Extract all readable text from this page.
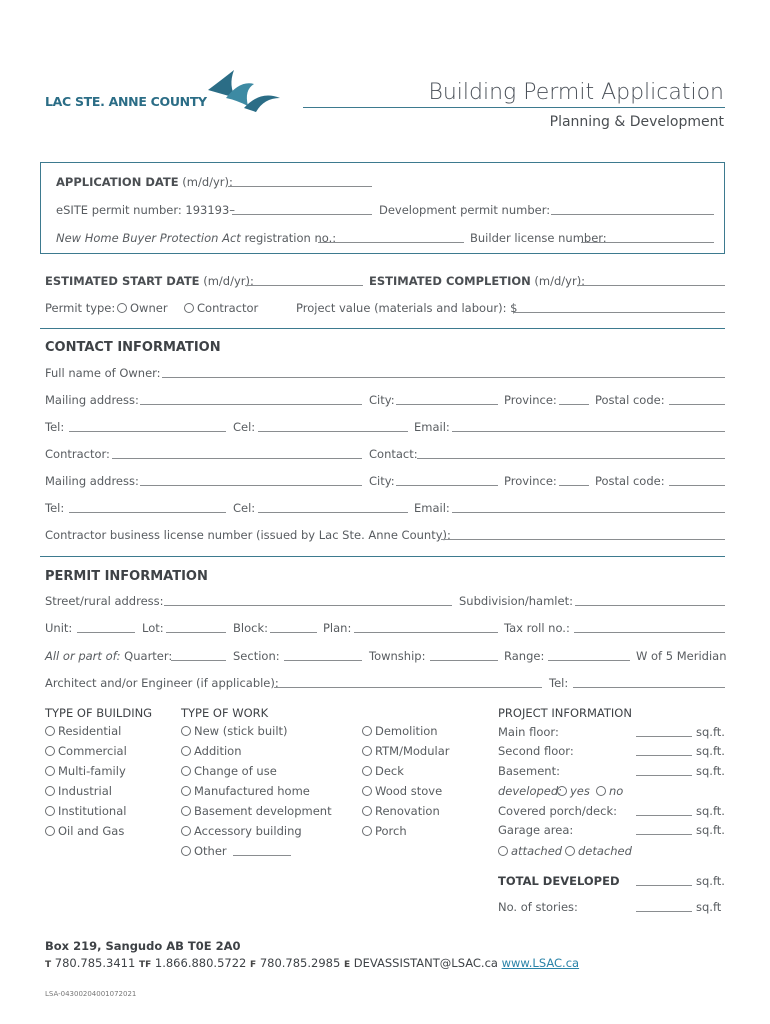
LAC STE. ANNE COUNTY	Building Permit Application
Planning & Development
APPLICATION DATE (m/d/yr):
eSITE permit number: 193193–	Development permit number:
New Home Buyer Protection Act registration no.:	Builder license number:
ESTIMATED START DATE (m/d/yr):	ESTIMATED COMPLETION (m/d/yr):
Permit type:	Owner	Contractor	Project value (materials and labour): $
CONTACT INFORMATION
Full name of Owner:
Mailing address:	City:	Province:	Postal code:
Tel:	Cel:	Email:
Contractor:	Contact:
Mailing address:	City:	Province:	Postal code:
Tel:	Cel:	Email:
Contractor business license number (issued by Lac Ste. Anne County):
PERMIT INFORMATION
Street/rural address:	Subdivision/hamlet:
Unit:	Lot:	Block:	Plan:	Tax roll no.:
All or part of: Quarter:	Section:	Township:	Range:	W of 5 Meridian
Architect and/or Engineer (if applicable):	Tel:
TYPE OF BUILDING
Residential
Commercial
Multi-family
Industrial
Institutional
Oil and Gas
TYPE OF WORK
New (stick built)
Addition
Change of use
Manufactured home
Basement development
Accessory building
Other
Demolition
RTM/Modular
Deck
Wood stove
Renovation
Porch
PROJECT INFORMATION
Main floor:	sq.ft.
Second floor:	sq.ft.
Basement:	sq.ft.
developed: yes	no
Covered porch/deck:	sq.ft.
Garage area:	sq.ft.
attached	detached
TOTAL DEVELOPED	sq.ft.
No. of stories:	sq.ft
Box 219, Sangudo AB T0E 2A0
T 780.785.3411 TF 1.866.880.5722 F 780.785.2985 E DEVASSISTANT@LSAC.ca www.LSAC.ca
LSA-04300204001072021
